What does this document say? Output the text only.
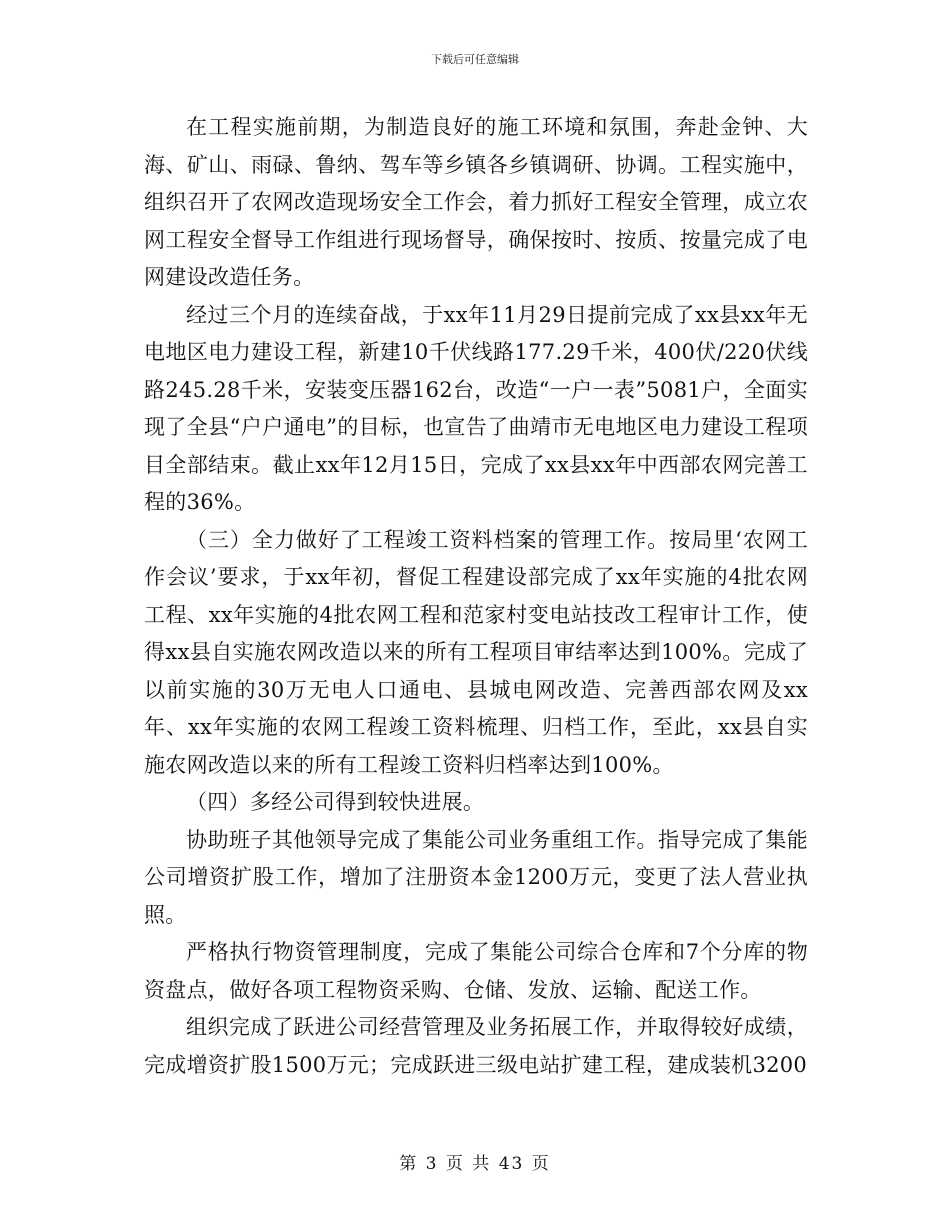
下载后可任意编辑

在工程实施前期，为制造良好的施工环境和氛围，奔赴金钟、大海、矿山、雨碌、鲁纳、驾车等乡镇各乡镇调研、协调。工程实施中，组织召开了农网改造现场安全工作会，着力抓好工程安全管理，成立农网工程安全督导工作组进行现场督导，确保按时、按质、按量完成了电网建设改造任务。

经过三个月的连续奋战，于xx年11月29日提前完成了xx县xx年无电地区电力建设工程，新建10千伏线路177.29千米，400伏/220伏线路245.28千米，安装变压器162台，改造“一户一表”5081户，全面实现了全县“户户通电”的目标，也宣告了曲靖市无电地区电力建设工程项目全部结束。截止xx年12月15日，完成了xx县xx年中西部农网完善工程的36%。

（三）全力做好了工程竣工资料档案的管理工作。按局里‘农网工作会议’要求，于xx年初，督促工程建设部完成了xx年实施的4批农网工程、xx年实施的4批农网工程和范家村变电站技改工程审计工作，使得xx县自实施农网改造以来的所有工程项目审结率达到100%。完成了以前实施的30万无电人口通电、县城电网改造、完善西部农网及xx年、xx年实施的农网工程竣工资料梳理、归档工作，至此，xx县自实施农网改造以来的所有工程竣工资料归档率达到100%。

（四）多经公司得到较快进展。

协助班子其他领导完成了集能公司业务重组工作。指导完成了集能公司增资扩股工作，增加了注册资本金1200万元，变更了法人营业执照。

严格执行物资管理制度，完成了集能公司综合仓库和7个分库的物资盘点，做好各项工程物资采购、仓储、发放、运输、配送工作。

组织完成了跃进公司经营管理及业务拓展工作，并取得较好成绩，完成增资扩股1500万元；完成跃进三级电站扩建工程，建成装机3200

第 3 页 共 43 页
